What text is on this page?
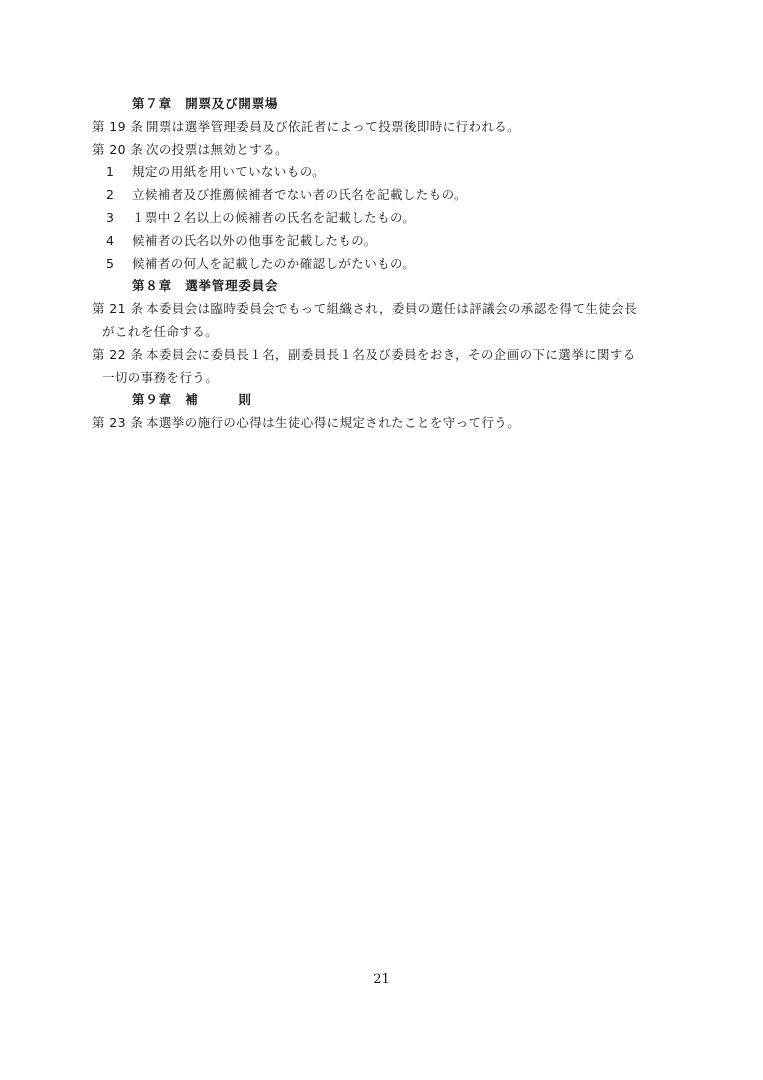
第７章　開票及び開票場
第 19 条 開票は選挙管理委員及び依託者によって投票後即時に行われる。
第 20 条 次の投票は無効とする。
1 規定の用紙を用いていないもの。
2 立候補者及び推薦候補者でない者の氏名を記載したもの。
3 １票中２名以上の候補者の氏名を記載したもの。
4 候補者の氏名以外の他事を記載したもの。
5 候補者の何人を記載したのか確認しがたいもの。
第８章　選挙管理委員会
第 21 条 本委員会は臨時委員会でもって組織され，委員の選任は評議会の承認を得て生徒会長
がこれを任命する。
第 22 条 本委員会に委員長１名，副委員長１名及び委員をおき，その企画の下に選挙に関する
一切の事務を行う。
第９章　補　　　則
第 23 条 本選挙の施行の心得は生徒心得に規定されたことを守って行う。
21
